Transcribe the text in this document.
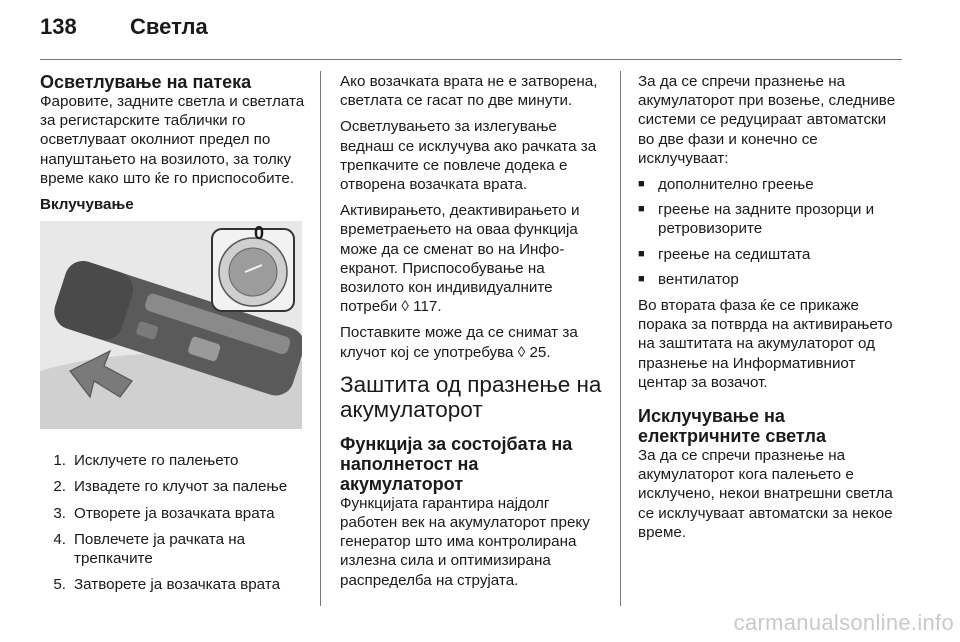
138	Светла
Осветлување на патека

Фаровите, задните светла и светлата за регистарските таблички го осветлуваат околниот предел по напуштањето на возилото, за толку време како што ќе го приспособите.

Вклучување

0
1. Исклучете го палењето
2. Извадете го клучот за палење
3. Отворете ја возачката врата
4. Повлечете ја рачката на трепкачите
5. Затворете ја возачката врата

Ако возачката врата не е затворена, светлата се гасат по две минути.

Осветлувањето за излегување веднаш се исклучува ако рачката за трепкачите се повлече додека е отворена возачката врата.

Активирањето, деактивирањето и времетраењето на оваа функција може да се сменат во на Инфо-екранот. Приспособување на возилото кон индивидуалните потреби ◊ 117.

Поставките може да се снимат за клучот кој се употребува ◊ 25.

Заштита од празнење на акумулаторот
Функција за состојбата на наполнетост на акумулаторот

Функцијата гарантира најдолг работен век на акумулаторот преку генератор што има контролирана излезна сила и оптимизирана распределба на струјата.

За да се спречи празнење на акумулаторот при возење, следниве системи се редуцираат автоматски во две фази и конечно се исклучуваат:

■ дополнително греење
■ греење на задните прозорци и ретровизорите
■ греење на седиштата
■ вентилатор

Во втората фаза ќе се прикаже порака за потврда на активирањето на заштитата на акумулаторот од празнење на Информативниот центар за возачот.

Исклучување на електричните светла

За да се спречи празнење на акумулаторот кога палењето е исклучено, некои внатрешни светла се исклучуваат автоматски за некое време.

carmanualsonline.info
